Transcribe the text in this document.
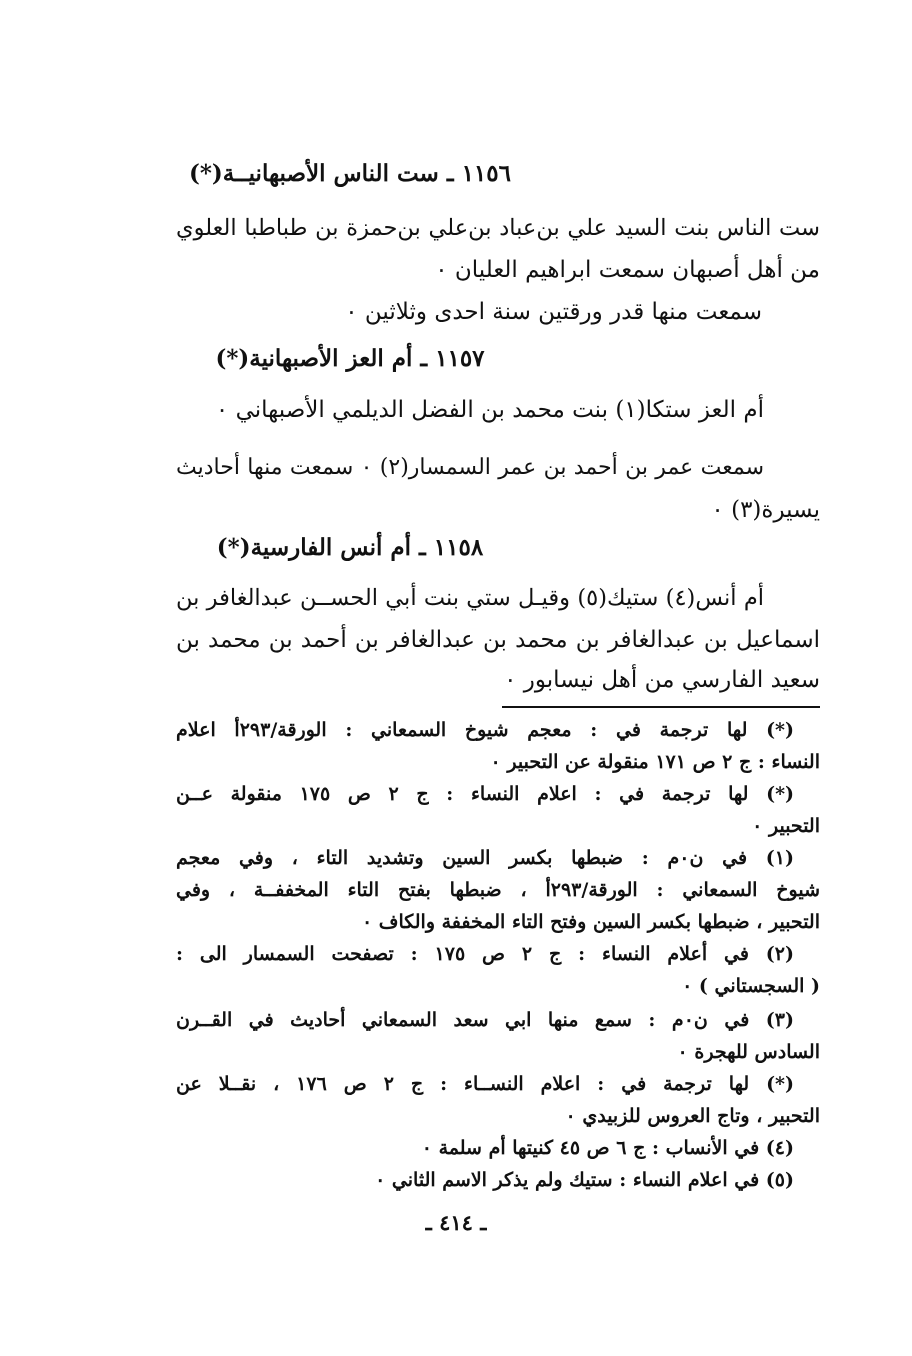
١١٥٦ ـ ست الناس الأصبهانيــة(*)
ست الناس بنت السيد علي بن‌عباد بن‌علي بن‌حمزة بن طباطبا العلوي
من أهل أصبهان سمعت ابراهيم العليان ٠
سمعت منها قدر ورقتين سنة احدى وثلاثين ٠
١١٥٧ ـ أم العز الأصبهانية(*)
أم العز ستكا(١) بنت محمد بن الفضل الديلمي الأصبهاني ٠
سمعت عمر بن أحمد بن عمر السمسار(٢) ٠ سمعت منها أحاديث
يسيرة(٣) ٠
١١٥٨ ـ أم أنس الفارسية(*)
أم أنس(٤) ستيك(٥) وقيـل ستي بنت أبي الحســن عبدالغافر بن
اسماعيل بن عبدالغافر بن محمد بن عبدالغافر بن أحمد بن محمد بن
سعيد الفارسي من أهل نيسابور ٠
(*) لها ترجمة في : معجم شيوخ السمعاني : الورقة/٢٩٣أ اعلام
النساء : ج ٢ ص ١٧١ منقولة عن التحبير ٠
(*) لها ترجمة في : اعلام النساء : ج ٢ ص ١٧٥ منقولة عــن
التحبير ٠
(١) في ن٠م : ضبطها بكسر السين وتشديد التاء ، وفي معجم
شيوخ السمعاني : الورقة/٢٩٣أ ، ضبطها بفتح التاء المخففــة ، وفي
التحبير ، ضبطها بكسر السين وفتح التاء المخففة والكاف ٠
(٢) في أعلام النساء : ج ٢ ص ١٧٥ : تصفحت السمسار الى :
( السجستاني ) ٠
(٣) في ن٠م : سمع منها ابي سعد السمعاني أحاديث في القــرن
السادس للهجرة ٠
(*) لها ترجمة في : اعلام النســاء : ج ٢ ص ١٧٦ ، نقــلا عن
التحبير ، وتاج العروس للزبيدي ٠
(٤) في الأنساب : ج ٦ ص ٤٥ كنيتها أم سلمة ٠
(٥) في اعلام النساء : ستيك ولم يذكر الاسم الثاني ٠
ـ ٤١٤ ـ
